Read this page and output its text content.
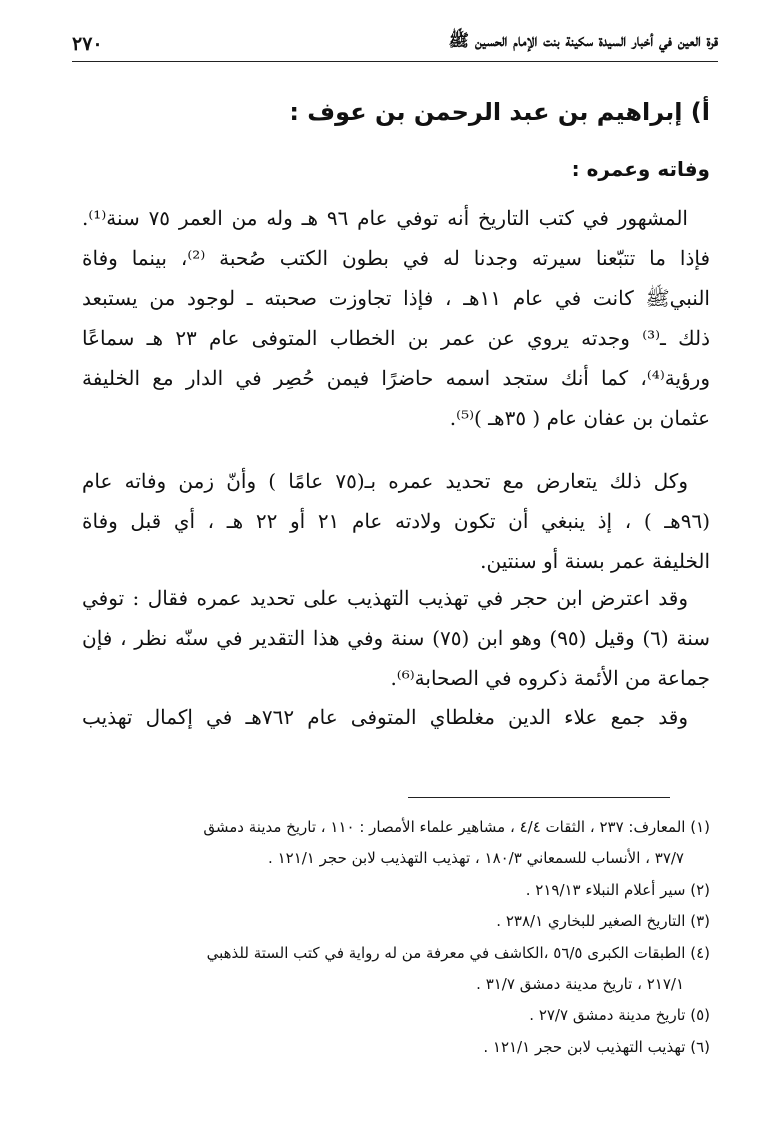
قرة العين في أخبار السيدة سكينة بنت الإمام الحسين ﷺ
٢٧٠
أ) إبراهيم بن عبد الرحمن بن عوف :
وفاته وعمره :
المشهور في كتب التاريخ أنه توفي عام ٩٦ هـ وله من العمر ٧٥ سنة⁽¹⁾.
فإذا ما تتبّعنا سيرته وجدنا له في بطون الكتب صُحبة ⁽²⁾، بينما وفاة
النبيﷺ كانت في عام ١١هـ ، فإذا تجاوزت صحبته ـ لوجود من يستبعد
ذلك ـ⁽³⁾ وجدته يروي عن عمر بن الخطاب المتوفى عام ٢٣ هـ سماعًا
ورؤية⁽⁴⁾، كما أنك ستجد اسمه حاضرًا فيمن حُصِر في الدار مع الخليفة
عثمان بن عفان عام ( ٣٥هـ )⁽⁵⁾.
وكل ذلك يتعارض مع تحديد عمره بـ(٧٥ عامًا ) وأنّ زمن وفاته عام
(٩٦هـ ) ، إذ ينبغي أن تكون ولادته عام ٢١ أو ٢٢ هـ ، أي قبل وفاة
الخليفة عمر بسنة أو سنتين.
وقد اعترض ابن حجر في تهذيب التهذيب على تحديد عمره فقال : توفي
سنة (٦) وقيل (٩٥) وهو ابن (٧٥) سنة وفي هذا التقدير في سنّه نظر ، فإن
جماعة من الأئمة ذكروه في الصحابة⁽⁶⁾.
وقد جمع علاء الدين مغلطاي المتوفى عام ٧٦٢هـ في إكمال تهذيب
(١) المعارف: ٢٣٧ ، الثقات ٤/٤ ، مشاهير علماء الأمصار : ١١٠ ، تاريخ مدينة دمشق
٣٧/٧ ، الأنساب للسمعاني ١٨٠/٣ ، تهذيب التهذيب لابن حجر ١٢١/١ .
(٢) سير أعلام النبلاء ٢١٩/١٣ .
(٣) التاريخ الصغير للبخاري ٢٣٨/١ .
(٤) الطبقات الكبرى ٥٦/٥ ،الكاشف في معرفة من له رواية في كتب الستة للذهبي
٢١٧/١ ، تاريخ مدينة دمشق ٣١/٧ .
(٥) تاريخ مدينة دمشق ٢٧/٧ .
(٦) تهذيب التهذيب لابن حجر ١٢١/١ .
